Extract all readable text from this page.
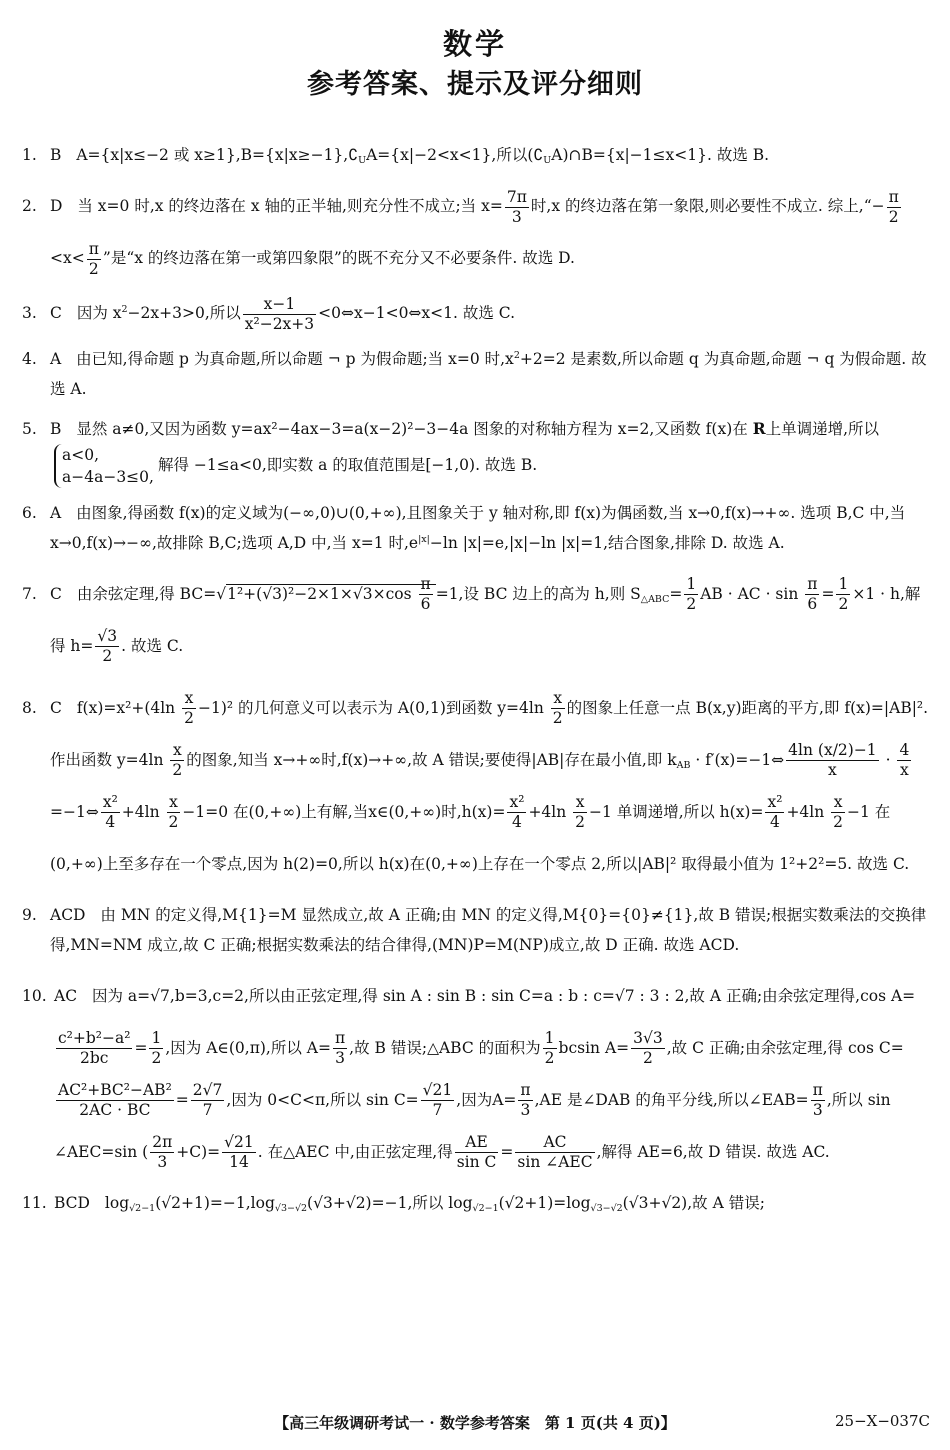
数学
参考答案、提示及评分细则
1. B A={x|x≤−2 或 $x\ge 1\},B=\{x|x\ge-1\},∁_UA=\{x|-2<x<1\}$,所以$(∁_UA)\cap B=\{x|-1\le x<1\}$. 故选 B.
2. D 当 x=0 时,x 的终边落在 x 轴的正半轴,则充分性不成立;当 $x= \frac{7\pi}{3}$ 时,x 的终边落在第一象限,则必要性不成立. 综上,“− $\frac{\pi}{2}$
$<x< \frac{\pi}{2}$ ”是“x 的终边落在第一或第四象限”的既不充分又不必要条件. 故选 D.
3. C 因为 $x^2-2x+3>0$,所以 $\frac{x-1}{\text{x²−2x+3}}$ <0⇔x−1<0⇔x<1. 故选 C.
4. A 由已知,得命题 p 为真命题,所以命题 ¬ p 为假命题;当 x=0 时$,x^2+2=2$ 是素数,所以命题 q 为真命题,命题 ¬ q 为假命题. 故选 A.
5. B 显然 a≠0,又因为函数 y=ax²−4ax−3=a(x−2)²−3−4a 图象的对称轴方程为 x=2,又函数 f(x)在 R上单调递增,所以
a<0,
a−4a−3≤0,
解得 −1≤a<0,即实数 a 的取值范围是[−1,0). 故选 B.
6. A 由图象,得函数 f(x)的定义域为(−∞,0)∪(0,+∞),且图象关于 y 轴对称,即 f(x)为偶函数,当 x→0,f(x)→+∞. 选项 B,C 中,当 x→0,f(x)→−∞,故排除 B,C;选项 A,D 中,当 x=1 时$,e^{|x|}-\ln$ |x|=e,|x|−ln |x|=1,结合图象,排除 D. 故选 A.
7. C 由余弦定理,得 $BC=√1^2+(√3)^2-2\times 1\times√3\times\cos \frac{\pi}{6} =1$,设 BC 边上的高为 h,则 $S_{\triangle ABC}= \frac{1}{2}$ AB · AC · $\sin \frac{\pi}{6} = \frac{1}{2} \times 1 \cdot h$,解得 $h= \frac{√3}{2}$ . 故选 C.
8. C $f(x)=x^2+(4\ln \frac{x}{2} -1)^2$ 的几何意义可以表示为 A(0,1)到函数 $y=4\ln \frac{x}{2}$ 的图象上任意一点 B(x,y)距离的平方,即 f(x)=|AB|². 作出函数 $y=4\ln \frac{x}{2}$ 的图象,知当 x→+∞时,f(x)→+∞,故 A 错误;要使得|AB|存在最小值,即 $k_{AB}$ · f′(x)=−1⇔ $\frac{4\ln (x/2)-1}{x} \cdot \frac{4}{x}$
=−1⇔ $\frac{\text{x²}}{4} +4\ln \frac{x}{2} -1=0$ 在(0,+∞)上有解,当x∈(0,+∞)时$,h(x)= \frac{\text{x²}}{4} +4\ln \frac{x}{2} -1$ 单调递增,所以 $h(x)= \frac{\text{x²}}{4} +4\ln \frac{x}{2} -1$ 在(0,+∞)上至多存在一个零点,因为 h(2)=0,所以 h(x)在(0,+∞)上存在一个零点 2,所以|AB|² 取得最小值为 1²+2²=5. 故选 C.
9. ACD 由 MN 的定义得,M{1}=M 显然成立,故 A 正确;由 MN 的定义得,M{0}={0}≠{1},故 B 错误;根据实数乘法的交换律得,MN=NM 成立,故 C 正确;根据实数乘法的结合律得,(MN)P=M(NP)成立,故 D 正确. 故选 ACD.
10. AC 因为 a=√7,b=3,c=2,所以由正弦定理,得 sin A : sin B : sin C=a : b : c=√7 : 3 : 2,故 A 正确;由余弦定理得,cos A=
$\frac{\text{c²+b²−a²}}{2bc} = \frac{1}{2}$ ,因为 A∈(0,π),所以 $A= \frac{\pi}{3}$ ,故 B 错误;△ABC 的面积为 $\frac{1}{2}$ bcsin $A= \frac{3√3}{2}$ ,故 C 正确;由余弦定理,得 cos C=
$\frac{\text{AC²+BC²−AB²}}{2AC \cdot BC} = \frac{2√7}{7}$ ,因为 0<C<π,所以 $\sin C= \frac{√21}{7}$ ,因为$A= \frac{\pi}{3} ,AE$ 是∠DAB 的角平分线,所以∠EAB= $\frac{\pi}{3}$ ,所以 sin ∠AEC=sin ( $\frac{2\pi}{3} +C)= \frac{√21}{14}$ . 在△AEC 中,由正弦定理,得 $\frac{AE}{\text{sin C}} = \frac{AC}{\text{sin ∠AEC}}$ ,解得 AE=6,故 D 错误. 故选 AC.
11. BCD $\log_{√2-1}(√2+1)=-1,\log_{√3-√2}(√3+√2)=-1$,所以 $\log_{√2-1}(√2+1)=\log_{√3-√2}(√3+√2)$,故 A 错误;
【高三年级调研考试一 · 数学参考答案　第 1 页(共 4 页)】	25−X−037C
